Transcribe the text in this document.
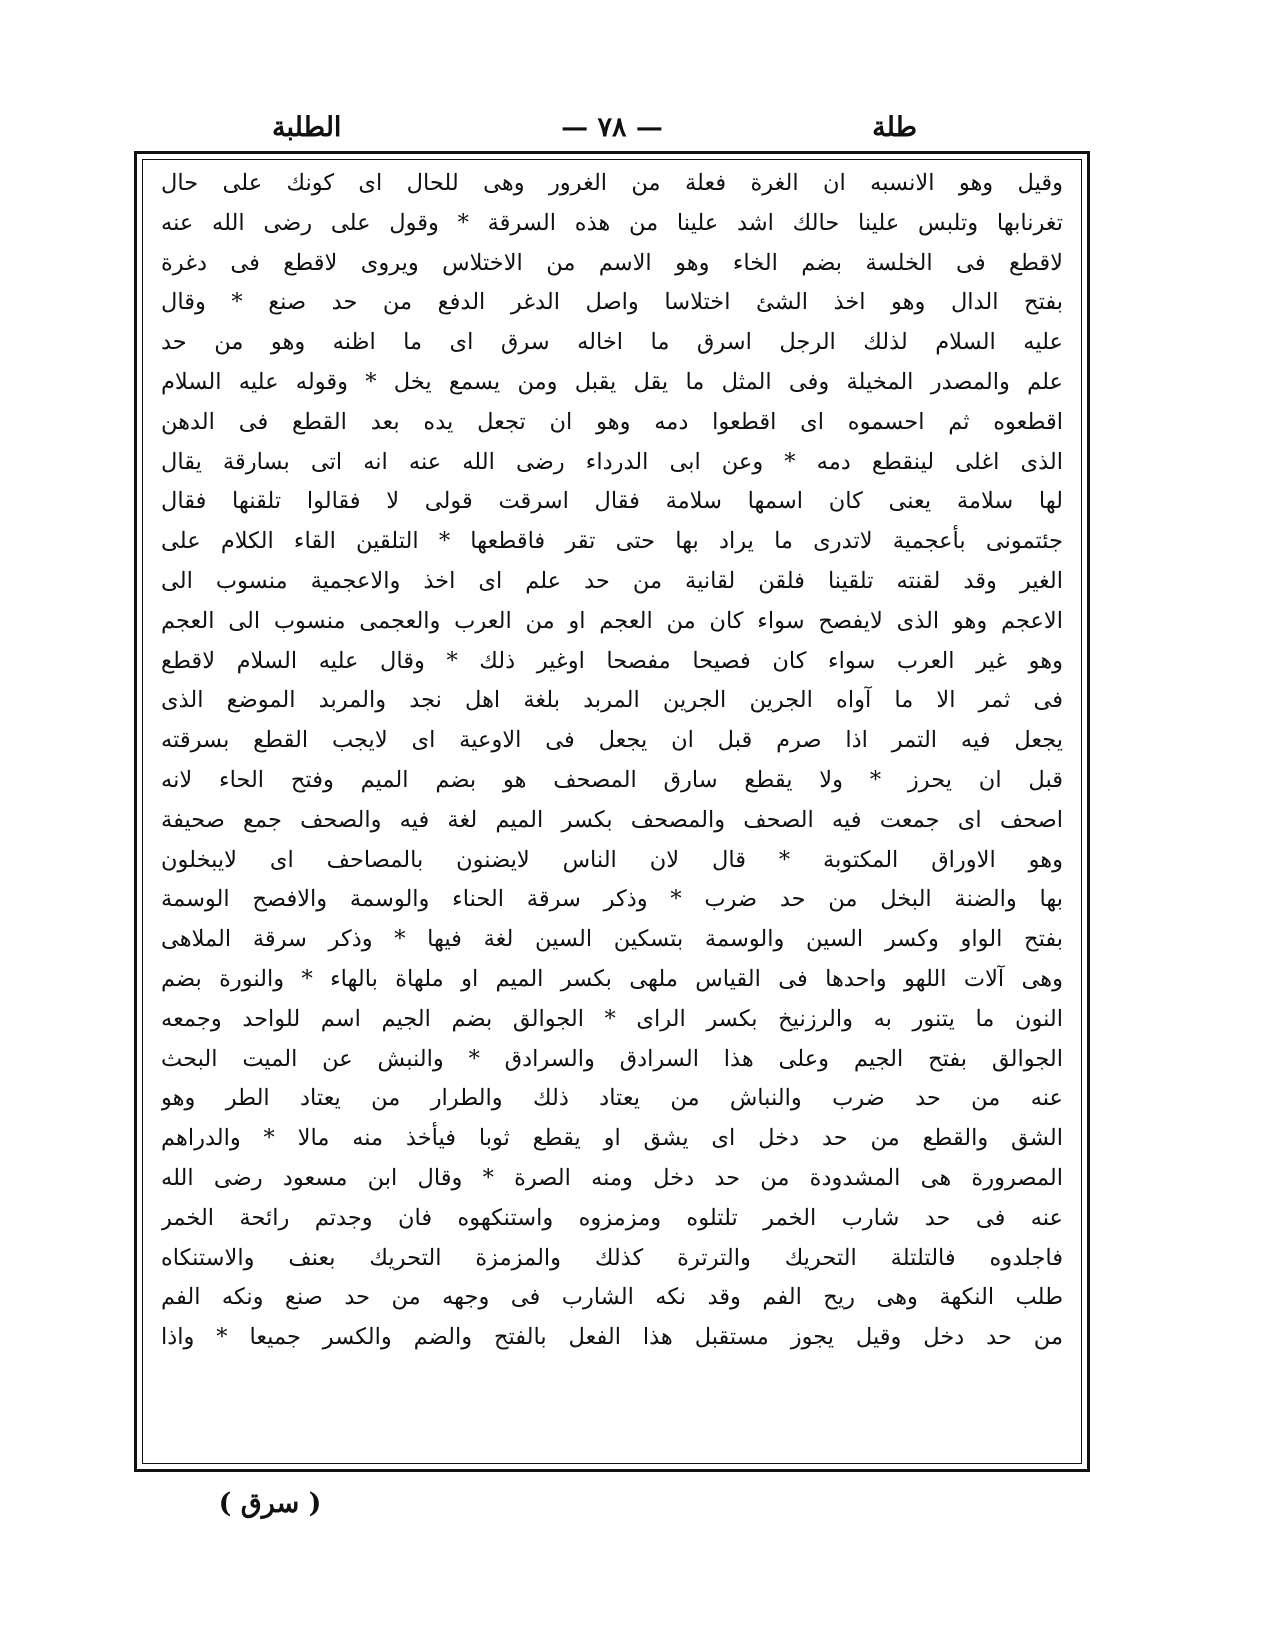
طلة
— ٧٨ —
الطلبة
وقيل وهو الانسبه ان الغرة فعلة من الغرور وهى للحال اى كونك على حال
تغرنابها وتلبس علينا حالك اشد علينا من هذه السرقة * وقول على رضى الله عنه
لاقطع فى الخلسة بضم الخاء وهو الاسم من الاختلاس ويروى لاقطع فى دغرة
بفتح الدال وهو اخذ الشئ اختلاسا واصل الدغر الدفع من حد صنع * وقال
عليه السلام لذلك الرجل اسرق ما اخاله سرق اى ما اظنه وهو من حد
علم والمصدر المخيلة وفى المثل ما يقل يقبل ومن يسمع يخل * وقوله عليه السلام
اقطعوه ثم احسموه اى اقطعوا دمه وهو ان تجعل يده بعد القطع فى الدهن
الذى اغلى لينقطع دمه * وعن ابى الدرداء رضى الله عنه انه اتى بسارقة يقال
لها سلامة يعنى كان اسمها سلامة فقال اسرقت قولى لا فقالوا تلقنها فقال
جئتمونى بأعجمية لاتدرى ما يراد بها حتى تقر فاقطعها * التلقين القاء الكلام على
الغير وقد لقنته تلقينا فلقن لقانية من حد علم اى اخذ والاعجمية منسوب الى
الاعجم وهو الذى لايفصح سواء كان من العجم او من العرب والعجمى منسوب الى العجم
وهو غير العرب سواء كان فصيحا مفصحا اوغير ذلك * وقال عليه السلام لاقطع
فى ثمر الا ما آواه الجرين الجرين المربد بلغة اهل نجد والمربد الموضع الذى
يجعل فيه التمر اذا صرم قبل ان يجعل فى الاوعية اى لايجب القطع بسرقته
قبل ان يحرز * ولا يقطع سارق المصحف هو بضم الميم وفتح الحاء لانه
اصحف اى جمعت فيه الصحف والمصحف بكسر الميم لغة فيه والصحف جمع صحيفة
وهو الاوراق المكتوبة * قال لان الناس لايضنون بالمصاحف اى لايبخلون
بها والضنة البخل من حد ضرب * وذكر سرقة الحناء والوسمة والافصح الوسمة
بفتح الواو وكسر السين والوسمة بتسكين السين لغة فيها * وذكر سرقة الملاهى
وهى آلات اللهو واحدها فى القياس ملهى بكسر الميم او ملهاة بالهاء * والنورة بضم
النون ما يتنور به والرزنيخ بكسر الراى * الجوالق بضم الجيم اسم للواحد وجمعه
الجوالق بفتح الجيم وعلى هذا السرادق والسرادق * والنبش عن الميت البحث
عنه من حد ضرب والنباش من يعتاد ذلك والطرار من يعتاد الطر وهو
الشق والقطع من حد دخل اى يشق او يقطع ثوبا فيأخذ منه مالا * والدراهم
المصرورة هى المشدودة من حد دخل ومنه الصرة * وقال ابن مسعود رضى الله
عنه فى حد شارب الخمر تلتلوه ومزمزوه واستنكهوه فان وجدتم رائحة الخمر
فاجلدوه فالتلتلة التحريك والترترة كذلك والمزمزة التحريك بعنف والاستنكاه
طلب النكهة وهى ريح الفم وقد نكه الشارب فى وجهه من حد صنع ونكه الفم
من حد دخل وقيل يجوز مستقبل هذا الفعل بالفتح والضم والكسر جميعا * واذا
( سرق )
